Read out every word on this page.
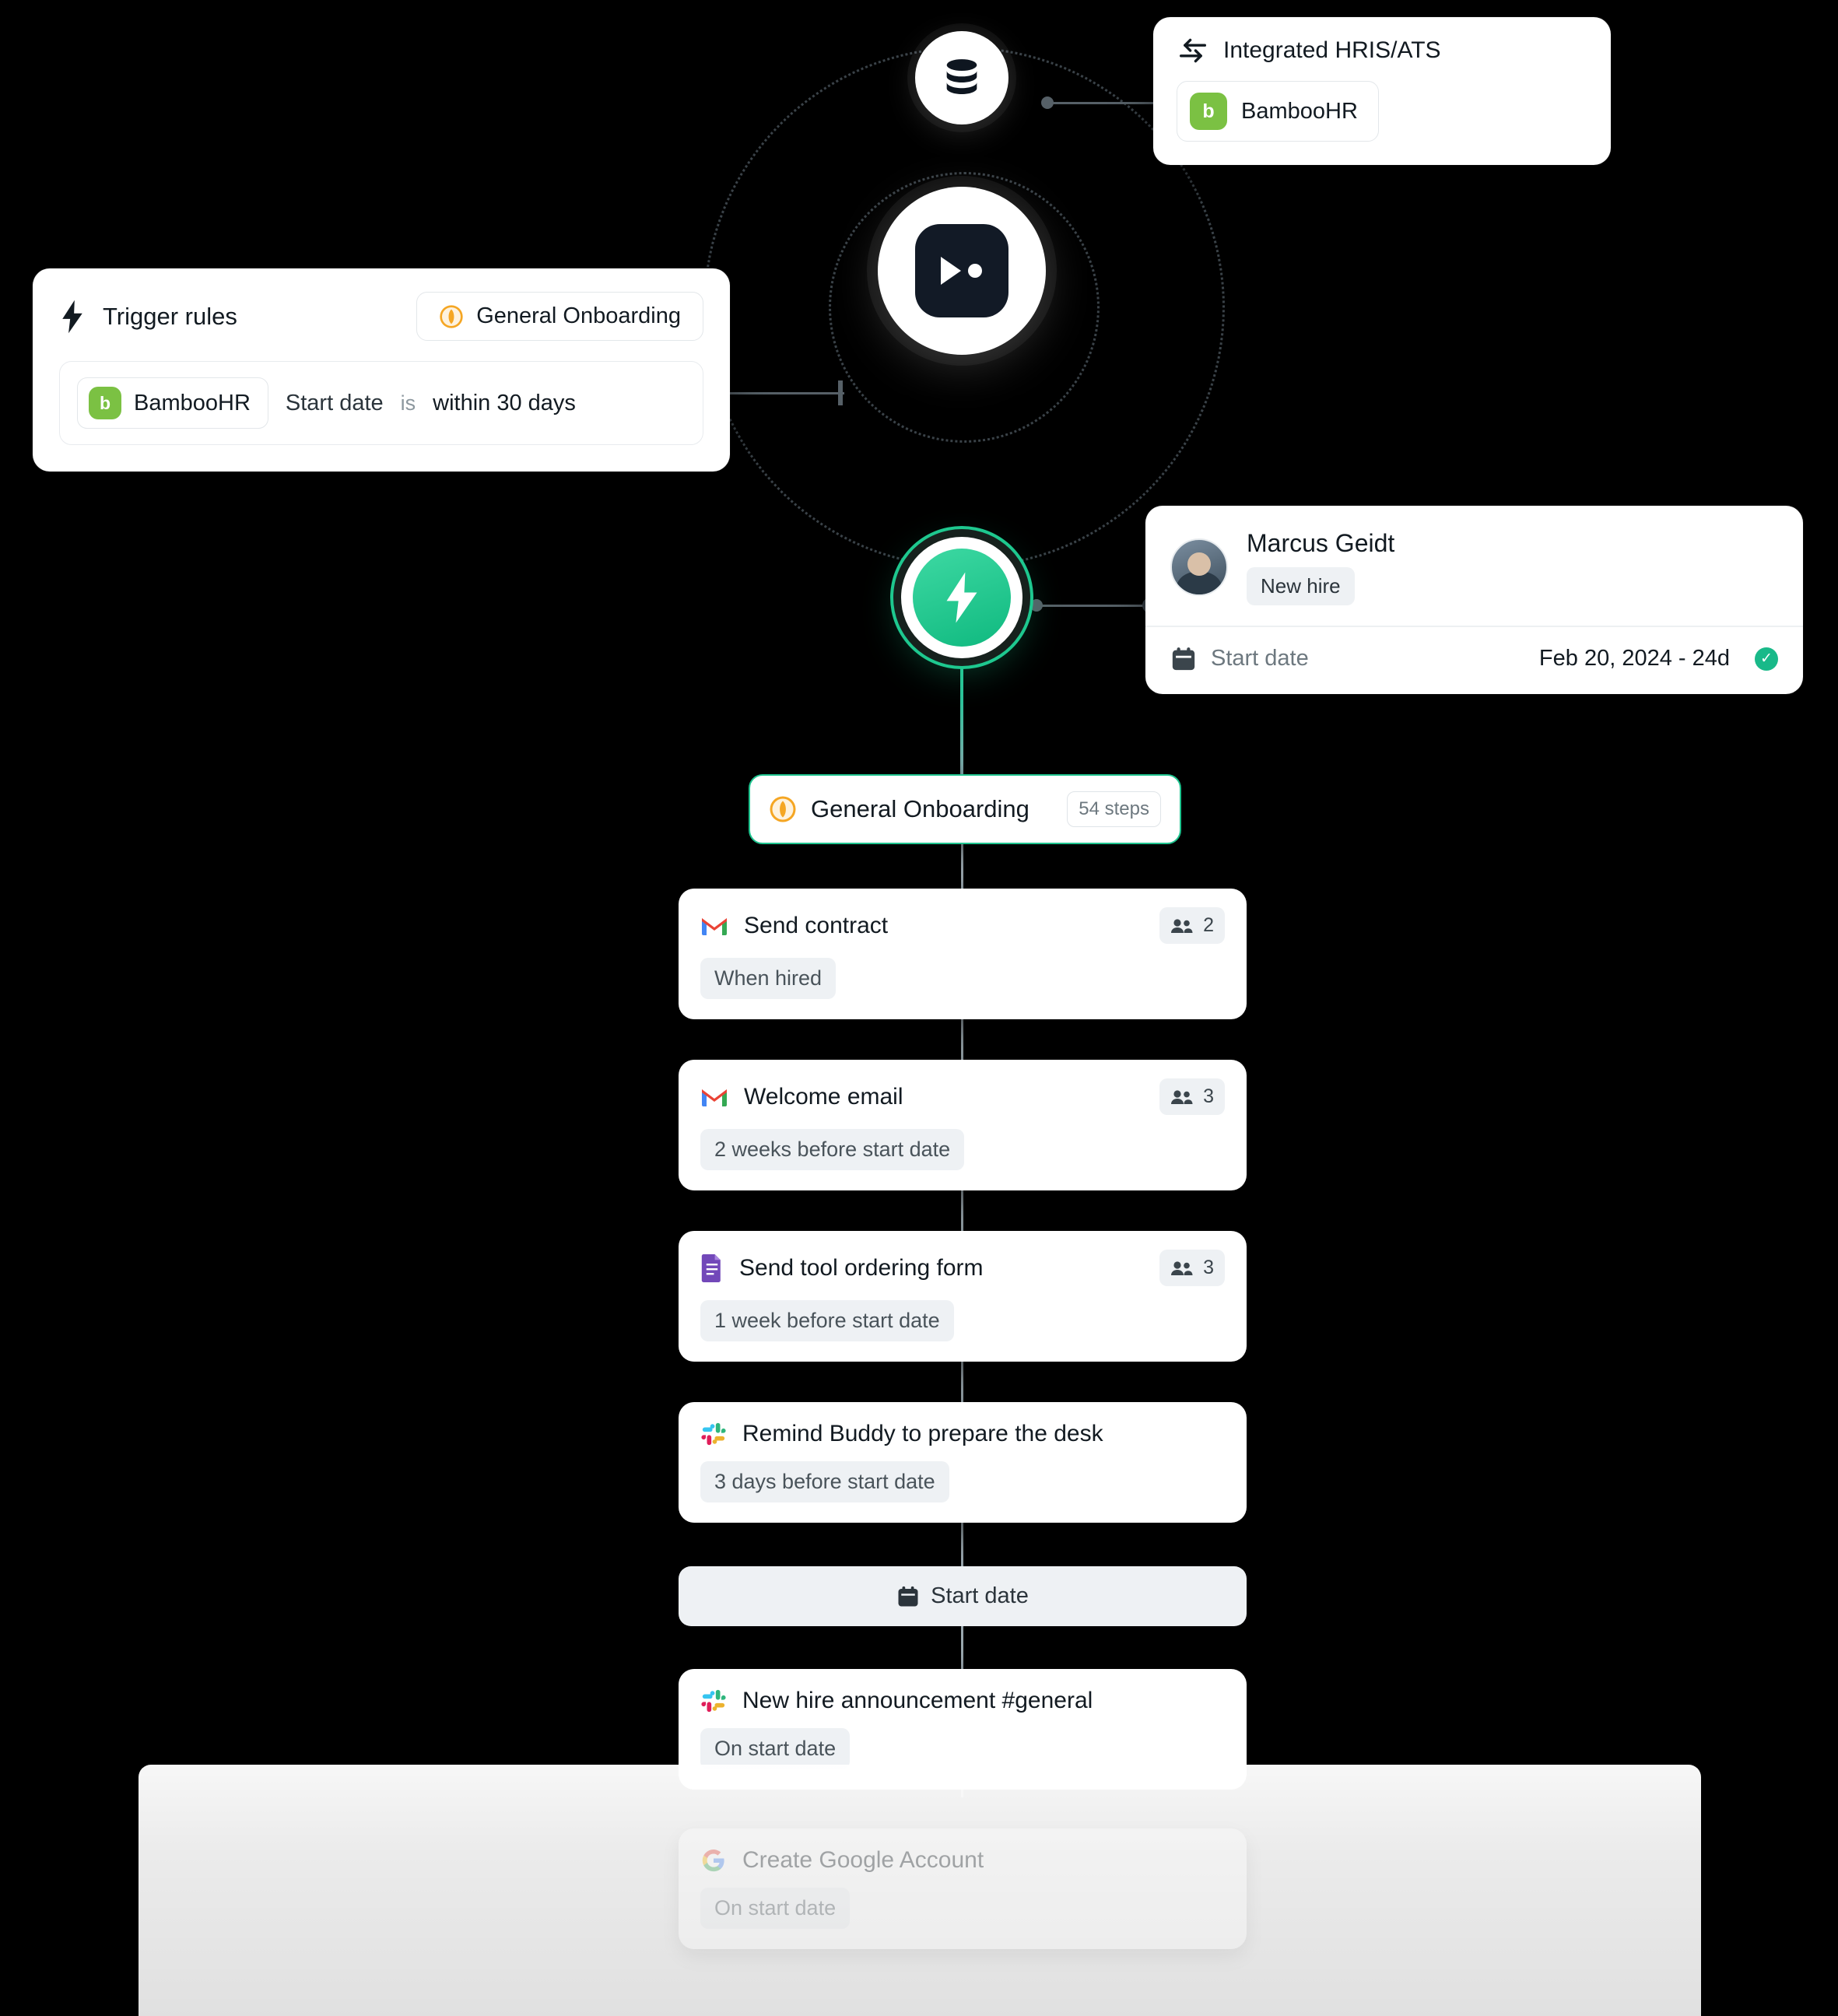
Integrated HRIS/ATS
b	BambooHR
Trigger rules	General Onboarding
b	BambooHR Start date is within 30 days
Marcus Geidt
New hire
Start date	Feb 20, 2024 - 24d	✓
General Onboarding	54 steps
Send contract	2
When hired
Welcome email	3
2 weeks before start date
Send tool ordering form	3
1 week before start date
Remind Buddy to prepare the desk
3 days before start date
Start date
New hire announcement #general
On start date
Create Google Account
On start date
